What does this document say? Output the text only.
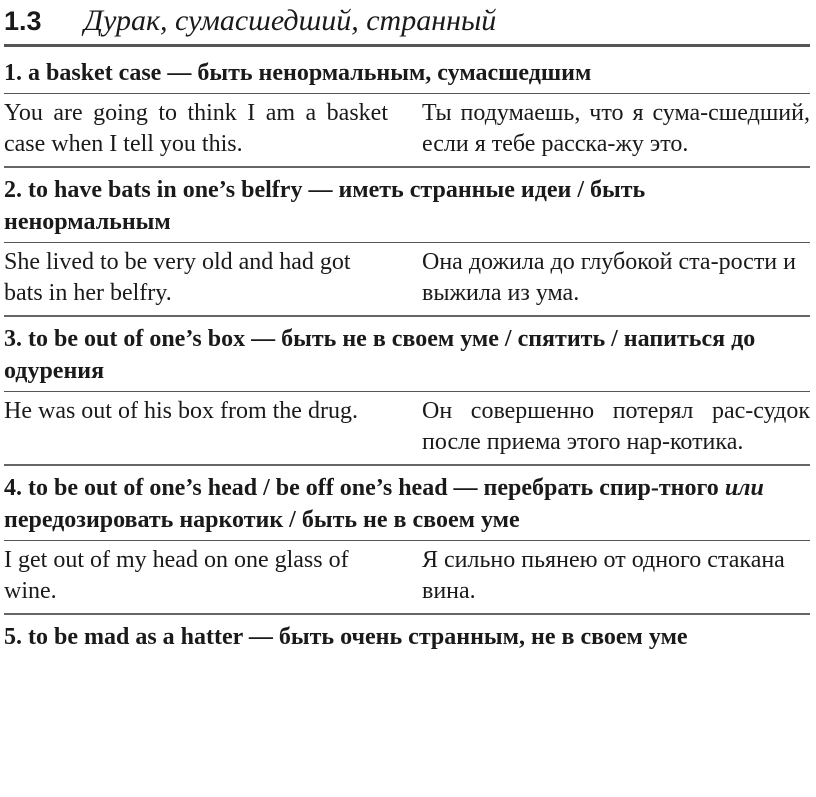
1.3	Дурак, сумасшедший, странный
1. a basket case — быть ненормальным, сумасшедшим
You are going to think I am a basket case when I tell you this.
Ты подумаешь, что я сума-сшедший, если я тебе расска-жу это.
2. to have bats in one’s belfry — иметь странные идеи / быть ненормальным
She lived to be very old and had got bats in her belfry.
Она дожила до глубокой ста-рости и выжила из ума.
3. to be out of one’s box — быть не в своем уме / спятить / напиться до одурения
He was out of his box from the drug.	Он совершенно потерял рас-судок после приема этого нар-котика.
4. to be out of one’s head / be off one’s head — перебрать спир-тного или передозировать наркотик / быть не в своем уме
I get out of my head on one glass of wine.
Я сильно пьянею от одного стакана вина.
5. to be mad as a hatter — быть очень странным, не в своем уме
